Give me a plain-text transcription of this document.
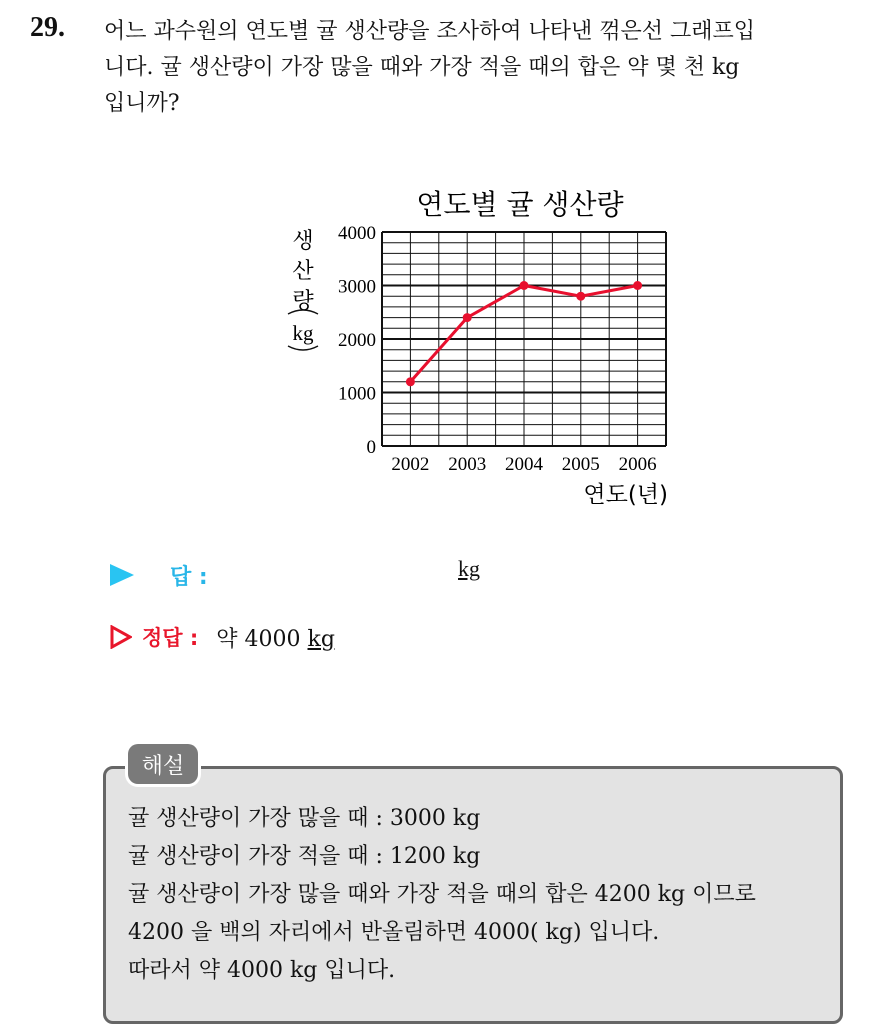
29. 어느 과수원의 연도별 귤 생산량을 조사하여 나타낸 꺾은선 그래프입
니다. 귤 생산량이 가장 많을 때와 가장 적을 때의 합은 약 몇 천 kg
입니까?
연도별 귤 생산량
0
1000
2000
3000
4000
2002 2003 2004 2005 2006
생
산
량
kg
연도(년)
답 :	kg
정답 : 약 4000 kg
해설
귤 생산량이 가장 많을 때 : 3000 kg
귤 생산량이 가장 적을 때 : 1200 kg
귤 생산량이 가장 많을 때와 가장 적을 때의 합은 4200 kg 이므로
4200 을 백의 자리에서 반올림하면 4000( kg) 입니다.
따라서 약 4000 kg 입니다.
